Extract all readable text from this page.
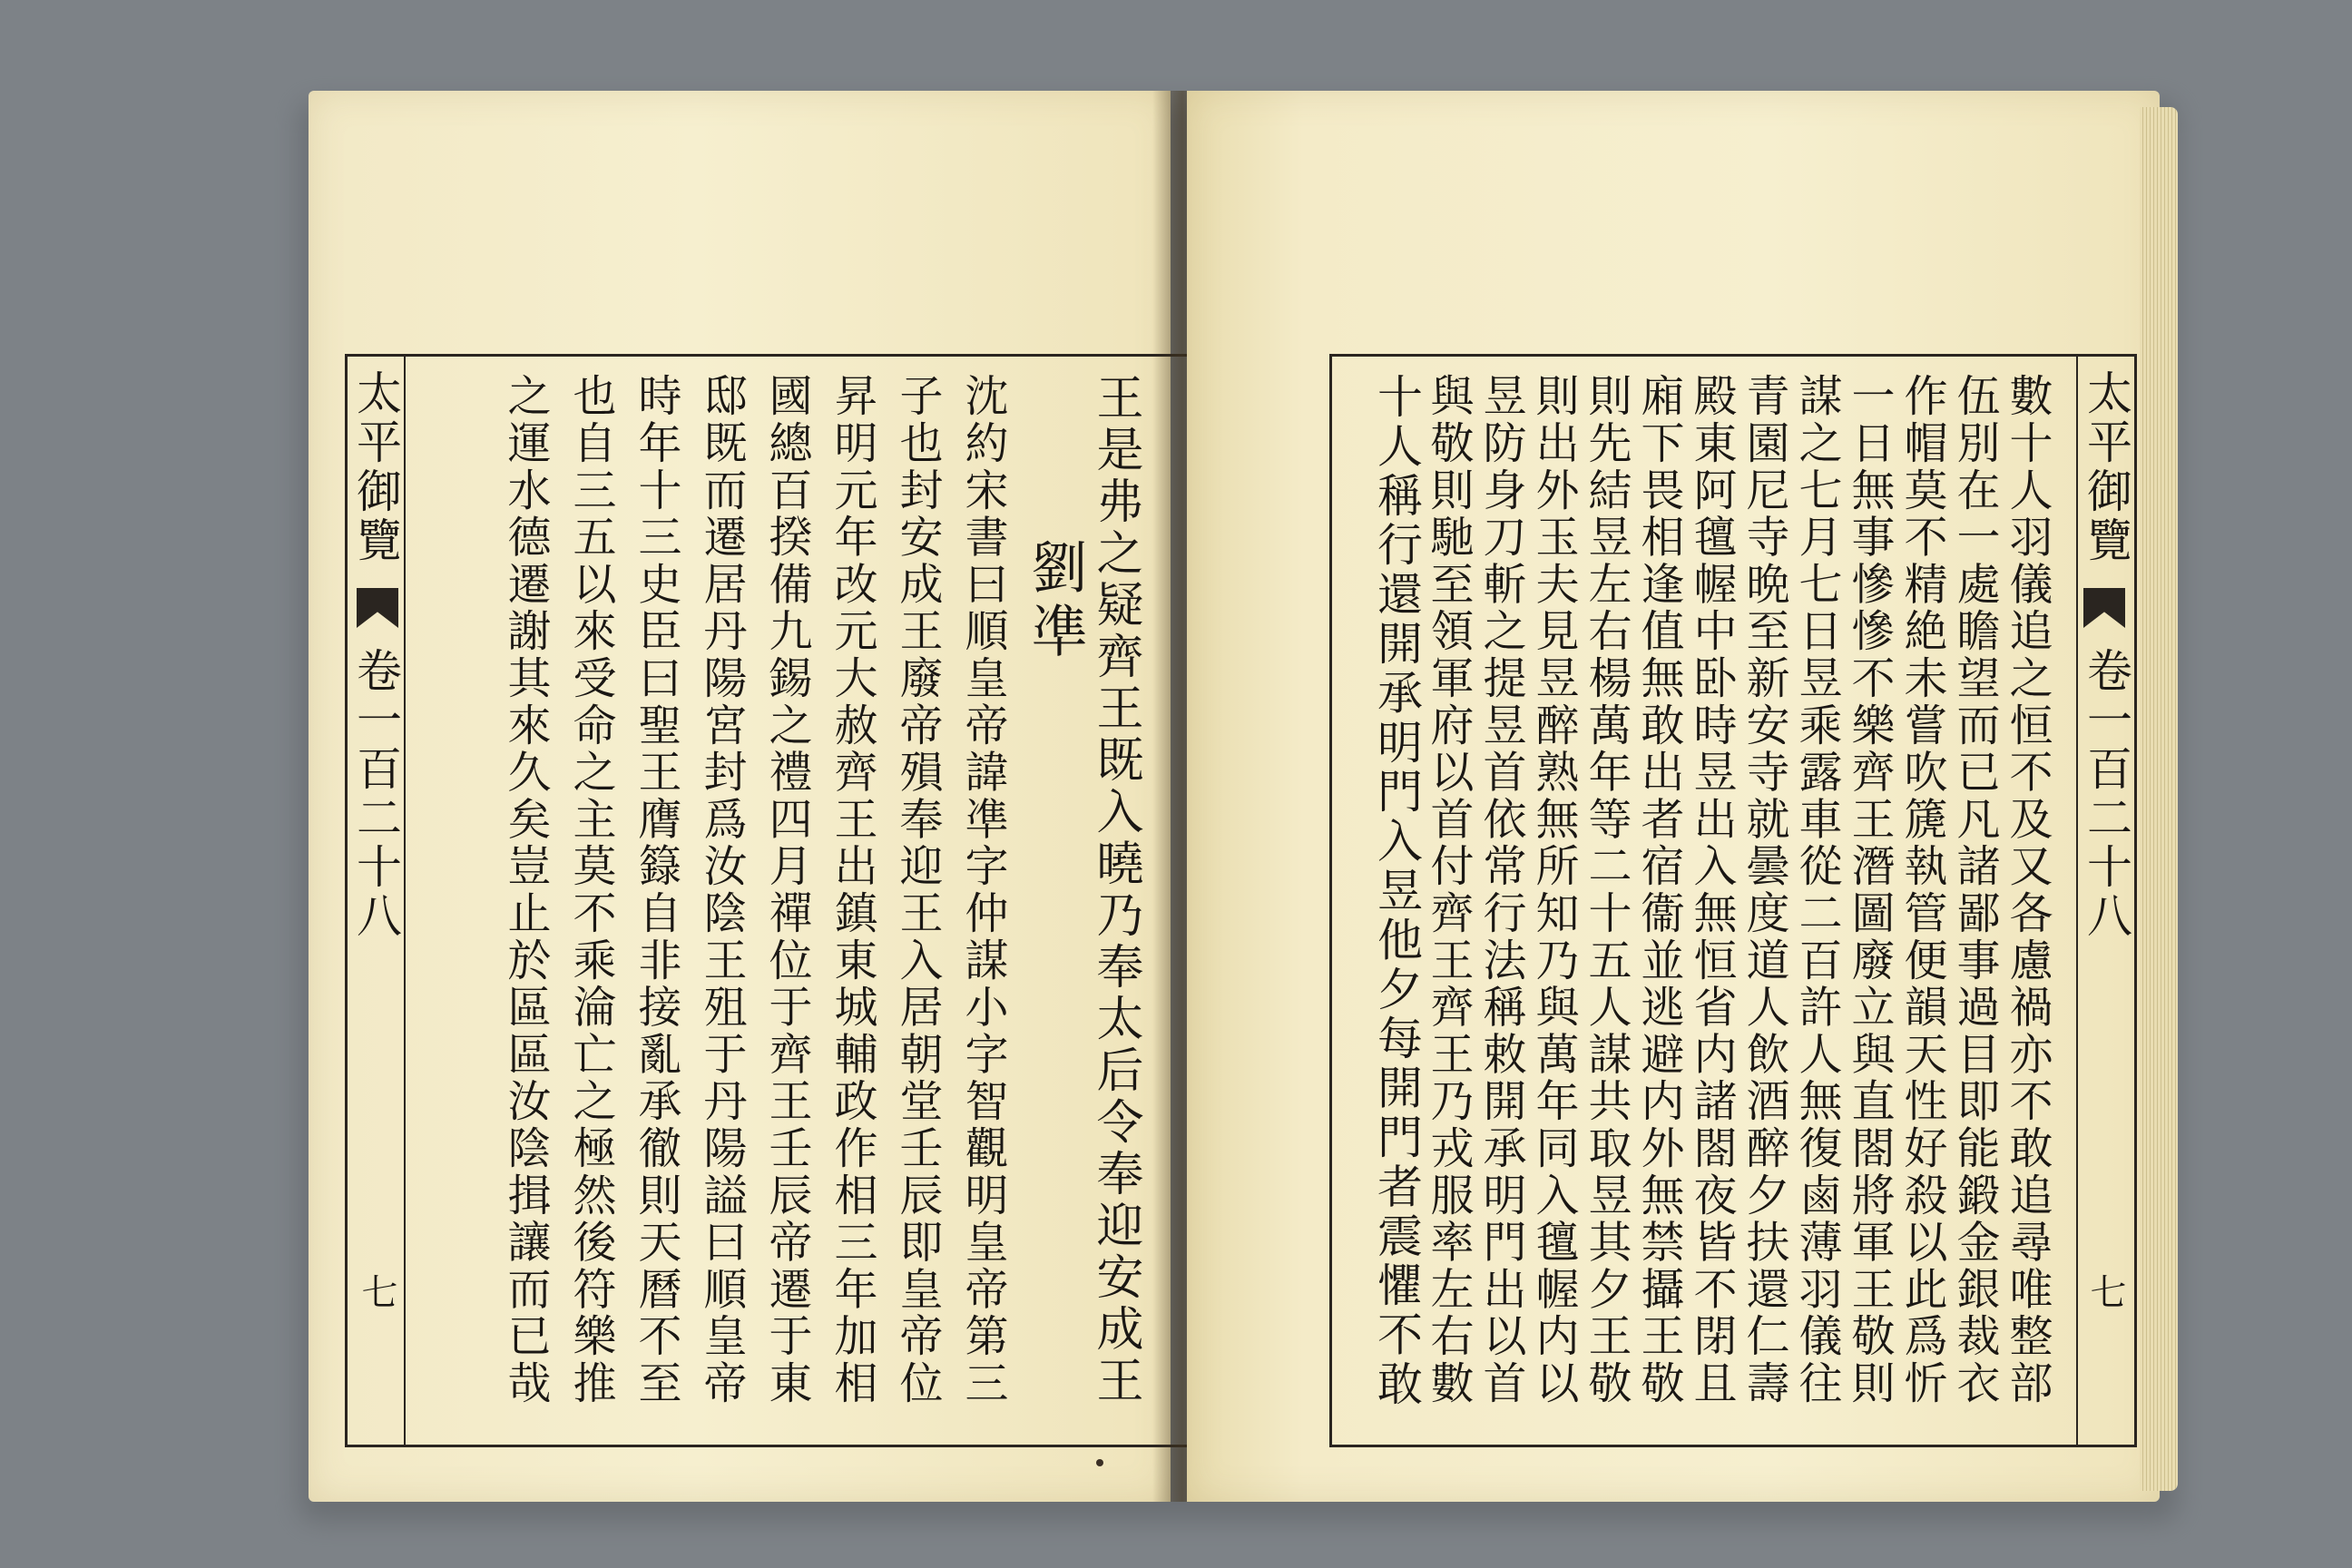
太平御覽
卷一百二十八
七	王是弗之疑齊王既入曉乃奉太后令奉迎安成王
劉凖
沈約宋書曰順皇帝諱凖字仲謀小字智觀明皇帝第三
子也封安成王廢帝殞奉迎王入居朝堂壬辰即皇帝位
昇明元年改元大赦齊王出鎮東城輔政作相三年加相
國總百揆備九錫之禮四月禪位于齊王壬辰帝遷于東
邸既而遷居丹陽宮封爲汝陰王殂于丹陽謚曰順皇帝
時年十三史臣曰聖王膺籙自非接亂承徹則天曆不至
也自三五以來受命之主莫不乘淪亡之極然後符樂推
之運水德遷謝其來久矣豈止於區區汝陰揖讓而已哉	太平御覽
卷一百二十八
七
數十人羽儀追之恒不及又各慮禍亦不敢追尋唯整部
伍別在一處瞻望而已凡諸鄙事過目即能鍛金銀裁衣
作帽莫不精絶未嘗吹篪執管便韻天性好殺以此爲忻
一日無事慘慘不樂齊王潛圖廢立與直閤將軍王敬則
謀之七月七日昱乘露車從二百許人無復鹵薄羽儀往
青園尼寺晩至新安寺就曇度道人飲酒醉夕扶還仁壽
殿東阿氊幄中卧時昱出入無恒省内諸閤夜皆不閉且
廂下畏相逢值無敢出者宿衞並逃避内外無禁攝王敬
則先結昱左右楊萬年等二十五人謀共取昱其夕王敬
則出外玉夫見昱醉熟無所知乃與萬年同入氊幄内以
昱防身刀斬之提昱首依常行法稱敕開承明門出以首
與敬則馳至領軍府以首付齊王齊王乃戎服率左右數
十人稱行還開承明門入昱他夕每開門者震懼不敢
